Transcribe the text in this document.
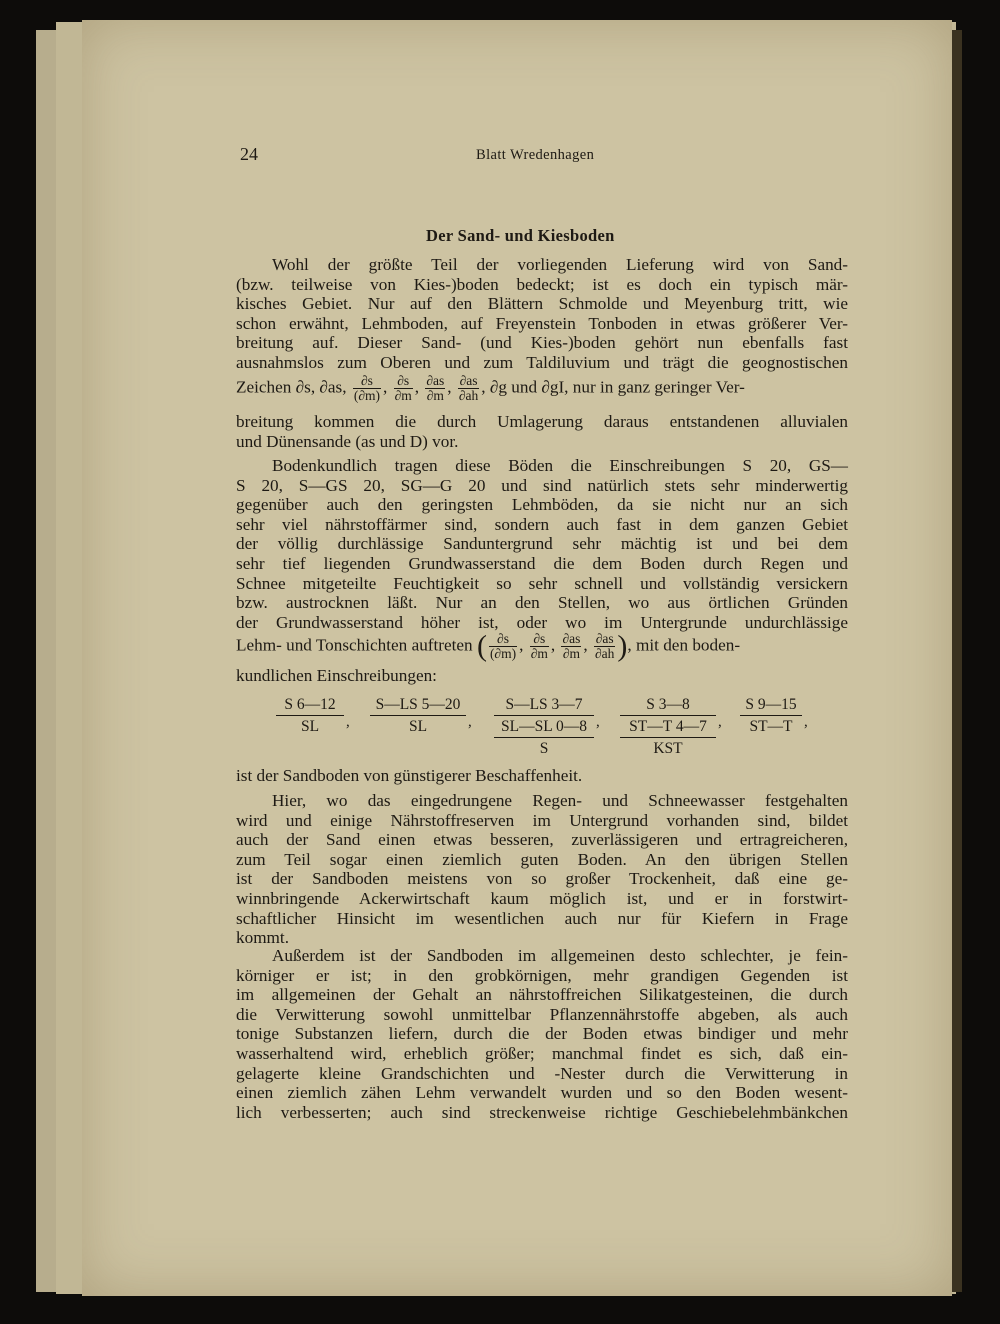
24	Blatt Wredenhagen
Der Sand- und Kiesboden
Wohl der größte Teil der vorliegenden Lieferung wird von Sand-
(bzw. teilweise von Kies-)boden bedeckt; ist es doch ein typisch mär-
kisches Gebiet. Nur auf den Blättern Schmolde und Meyenburg tritt, wie
schon erwähnt, Lehmboden, auf Freyenstein Tonboden in etwas größerer Ver-
breitung auf. Dieser Sand- (und Kies-)boden gehört nun ebenfalls fast
ausnahmslos zum Oberen und zum Taldiluvium und trägt die geognostischen
Zeichen ∂s, ∂as, $\frac{\partial s}{(\partial m)}$ , $\frac{\partial s}{\partial m}$ , $\frac{\partial as}{\partial m}$ , $\frac{\partial as}{\partial ah}$ , ∂g und ∂gI, nur in ganz geringer Ver-
breitung kommen die durch Umlagerung daraus entstandenen alluvialen
und Dünensande (as und D) vor.
Bodenkundlich tragen diese Böden die Einschreibungen S 20, GS—
S 20, S—GS 20, SG—G 20 und sind natürlich stets sehr minderwertig
gegenüber auch den geringsten Lehmböden, da sie nicht nur an sich
sehr viel nährstoffärmer sind, sondern auch fast in dem ganzen Gebiet
der völlig durchlässige Sanduntergrund sehr mächtig ist und bei dem
sehr tief liegenden Grundwasserstand die dem Boden durch Regen und
Schnee mitgeteilte Feuchtigkeit so sehr schnell und vollständig versickern
bzw. austrocknen läßt. Nur an den Stellen, wo aus örtlichen Gründen
der Grundwasserstand höher ist, oder wo im Untergrunde undurchlässige
Lehm- und Tonschichten auftreten ( $\frac{\partial s}{(\partial m)}$ , $\frac{\partial s}{\partial m}$ , $\frac{\partial as}{\partial m}$ , $\frac{\partial as}{\partial ah}$ ), mit den boden-
kundlichen Einschreibungen:
S 6—12
SL	,
S—LS 5—20
SL	,
S—LS 3—7
SL—SL 0—8
S
,
S 3—8
ST—T 4—7
KST
,
S 9—15
ST—T ,
ist der Sandboden von günstigerer Beschaffenheit.
Hier, wo das eingedrungene Regen- und Schneewasser festgehalten
wird und einige Nährstoffreserven im Untergrund vorhanden sind, bildet
auch der Sand einen etwas besseren, zuverlässigeren und ertragreicheren,
zum Teil sogar einen ziemlich guten Boden. An den übrigen Stellen
ist der Sandboden meistens von so großer Trockenheit, daß eine ge-
winnbringende Ackerwirtschaft kaum möglich ist, und er in forstwirt-
schaftlicher Hinsicht im wesentlichen auch nur für Kiefern in Frage
kommt.
Außerdem ist der Sandboden im allgemeinen desto schlechter, je fein-
körniger er ist; in den grobkörnigen, mehr grandigen Gegenden ist
im allgemeinen der Gehalt an nährstoffreichen Silikatgesteinen, die durch
die Verwitterung sowohl unmittelbar Pflanzennährstoffe abgeben, als auch
tonige Substanzen liefern, durch die der Boden etwas bindiger und mehr
wasserhaltend wird, erheblich größer; manchmal findet es sich, daß ein-
gelagerte kleine Grandschichten und -Nester durch die Verwitterung in
einen ziemlich zähen Lehm verwandelt wurden und so den Boden wesent-
lich verbesserten; auch sind streckenweise richtige Geschiebelehmbänkchen
